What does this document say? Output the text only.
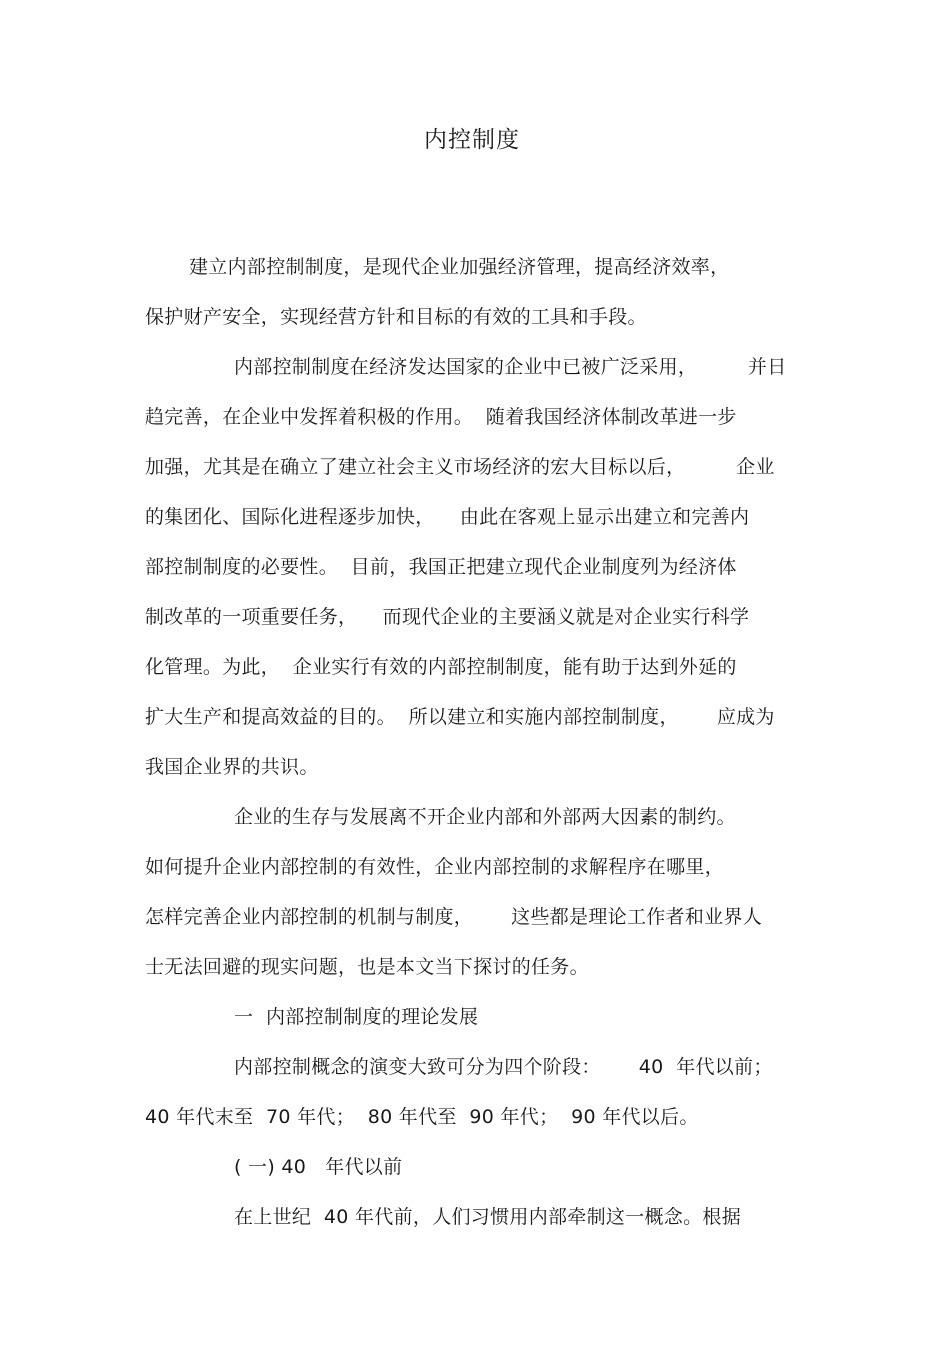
内控制度
建立内部控制制度，是现代企业加强经济管理，提高经济效率，
保护财产安全，实现经营方针和目标的有效的工具和手段。
内部控制制度在经济发达国家的企业中已被广泛采用，        并日
趋完善，在企业中发挥着积极的作用。  随着我国经济体制改革进一步
加强，尤其是在确立了建立社会主义市场经济的宏大目标以后，        企业
的集团化、国际化进程逐步加快，    由此在客观上显示出建立和完善内
部控制制度的必要性。  目前，我国正把建立现代企业制度列为经济体
制改革的一项重要任务，    而现代企业的主要涵义就是对企业实行科学
化管理。为此，  企业实行有效的内部控制制度，能有助于达到外延的
扩大生产和提高效益的目的。  所以建立和实施内部控制制度，      应成为
我国企业界的共识。
企业的生存与发展离不开企业内部和外部两大因素的制约。
如何提升企业内部控制的有效性，企业内部控制的求解程序在哪里，
怎样完善企业内部控制的机制与制度，      这些都是理论工作者和业界人
士无法回避的现实问题，也是本文当下探讨的任务。
一  内部控制制度的理论发展
内部控制概念的演变大致可分为四个阶段：      40  年代以前；
40 年代末至  70 年代；  80 年代至  90 年代；  90 年代以后。
( 一) 40   年代以前
在上世纪  40 年代前，人们习惯用内部牵制这一概念。根据
